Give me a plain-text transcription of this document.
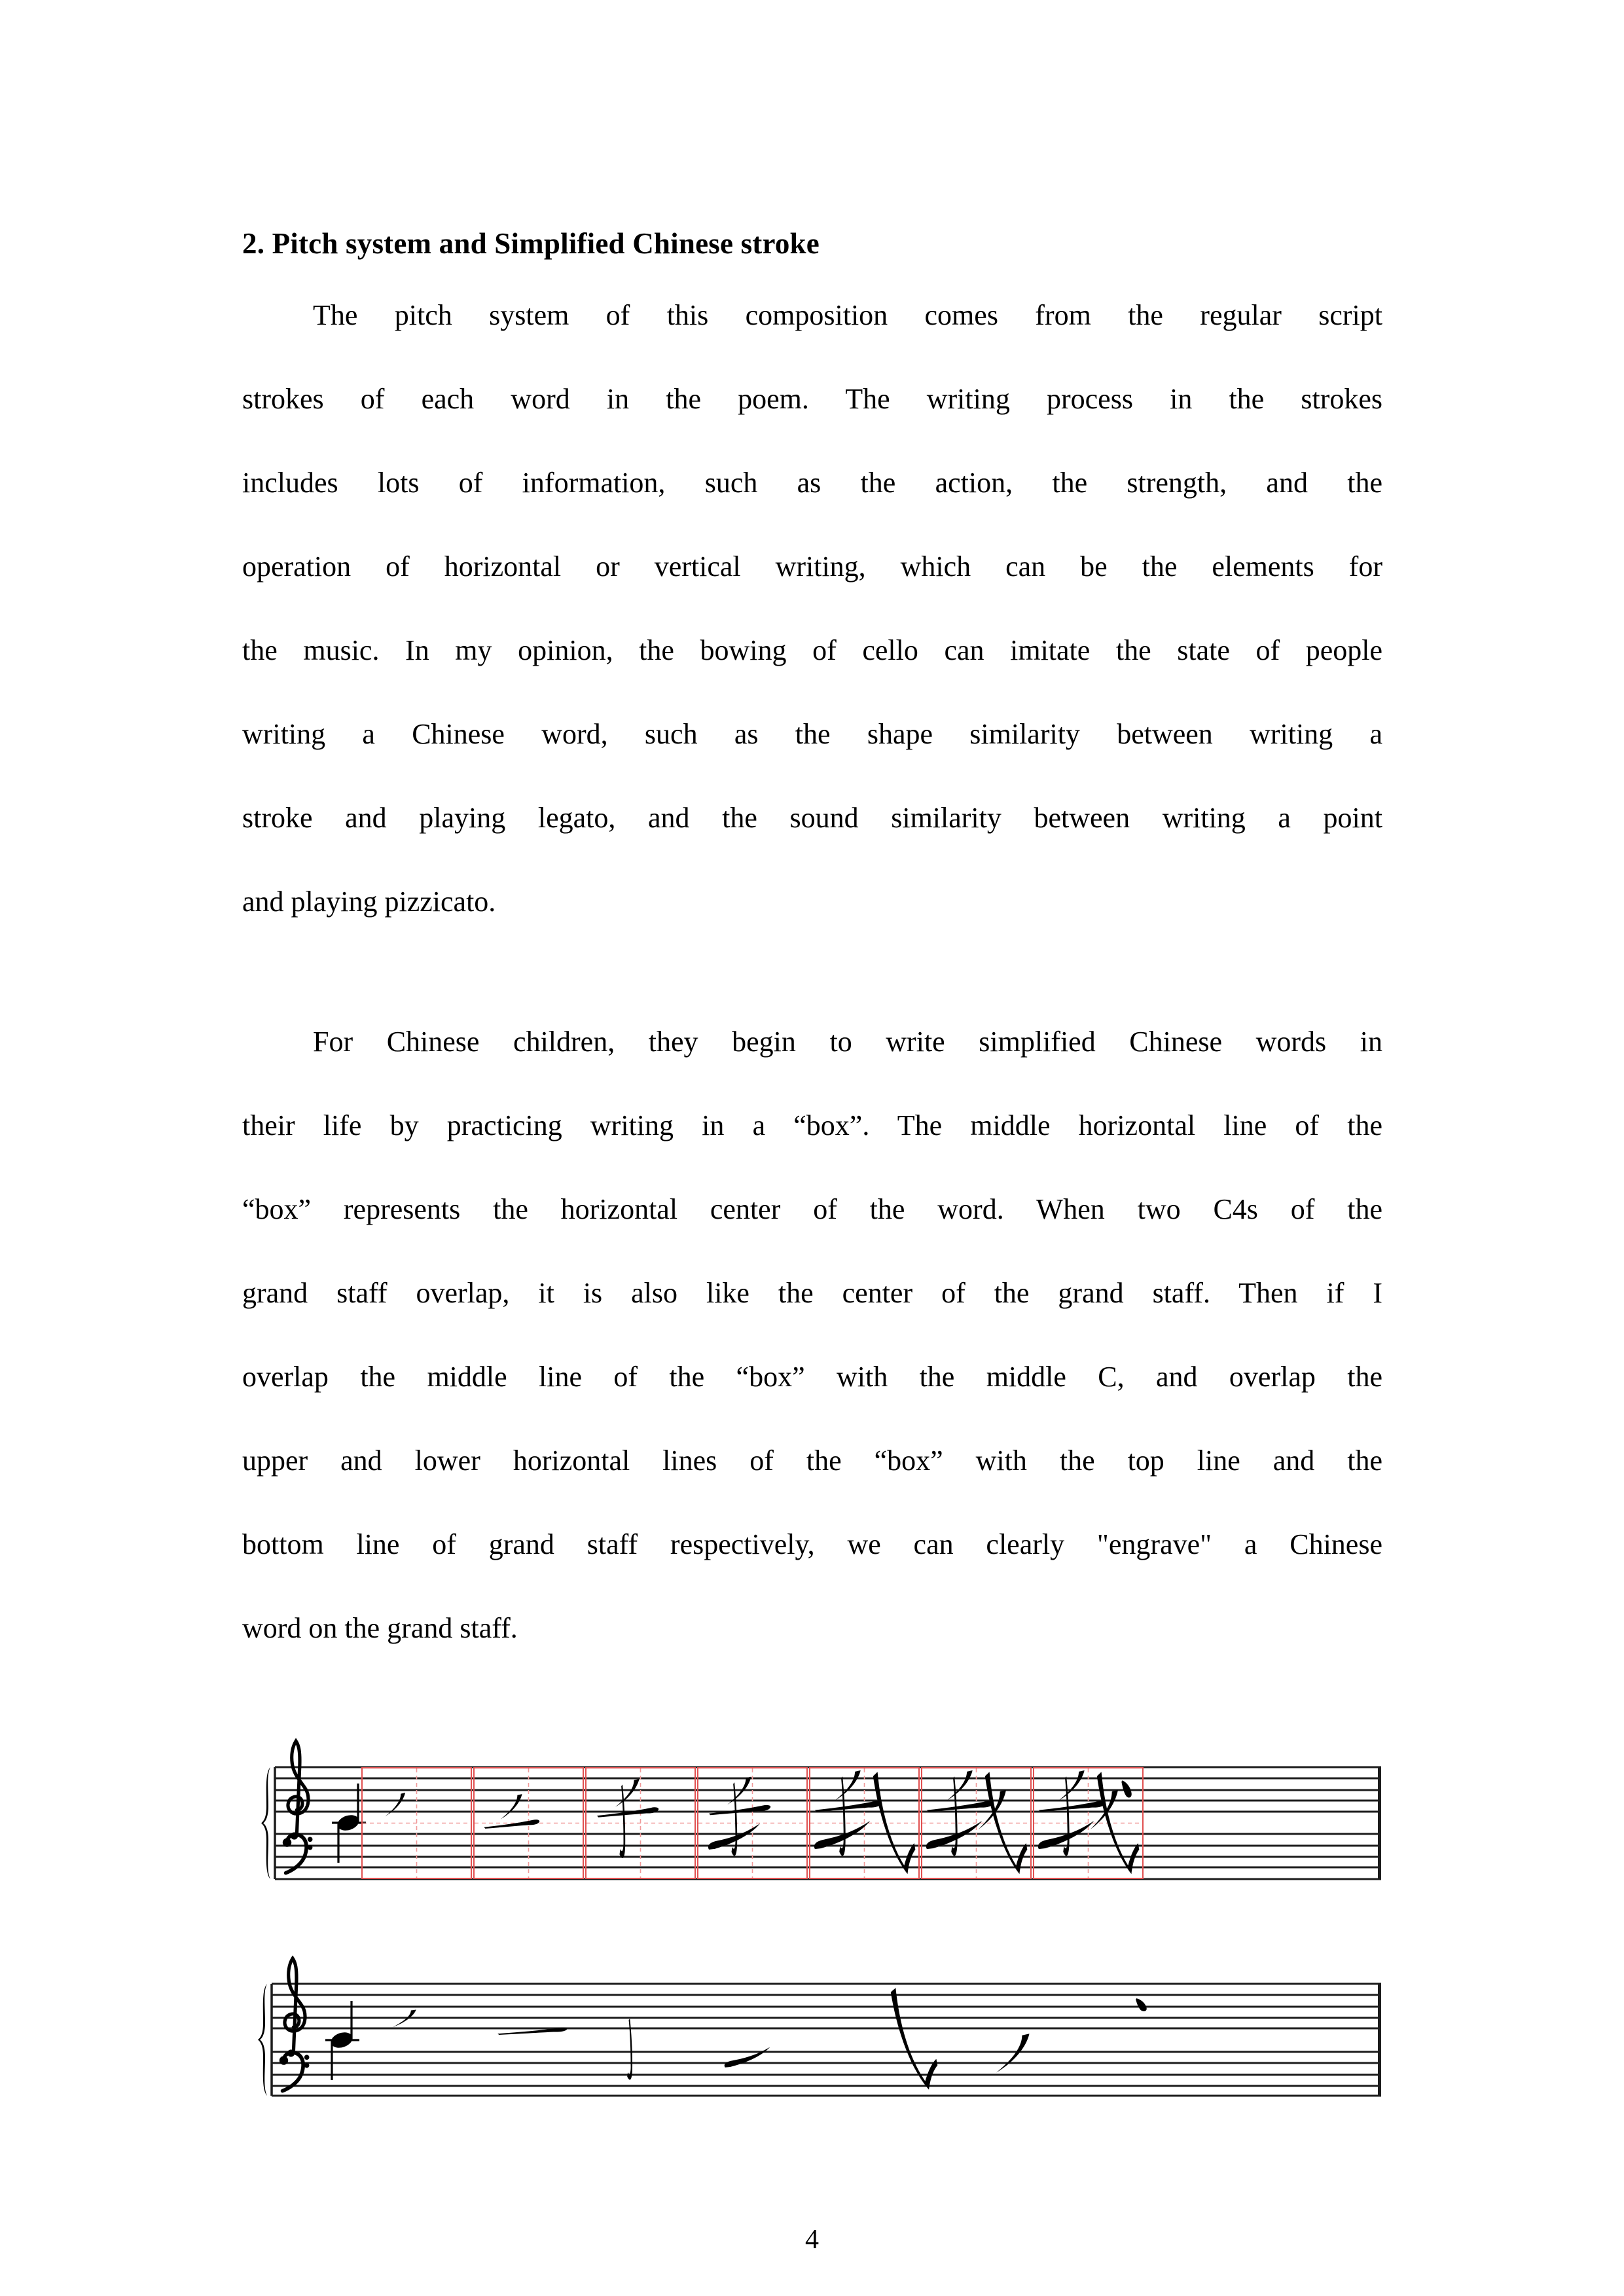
2. Pitch system and Simplified Chinese stroke
The pitch system of this composition comes from the regular script
strokes of each word in the poem. The writing process in the strokes
includes lots of information, such as the action, the strength, and the
operation of horizontal or vertical writing, which can be the elements for
the music. In my opinion, the bowing of cello can imitate the state of people
writing a Chinese word, such as the shape similarity between writing a
stroke and playing legato, and the sound similarity between writing a point
and playing pizzicato.
For Chinese children, they begin to write simplified Chinese words in
their life by practicing writing in a “box”. The middle horizontal line of the
“box” represents the horizontal center of the word. When two C4s of the
grand staff overlap, it is also like the center of the grand staff. Then if I
overlap the middle line of the “box” with the middle C, and overlap the
upper and lower horizontal lines of the “box” with the top line and the
bottom line of grand staff respectively, we can clearly "engrave" a Chinese
word on the grand staff.
4
